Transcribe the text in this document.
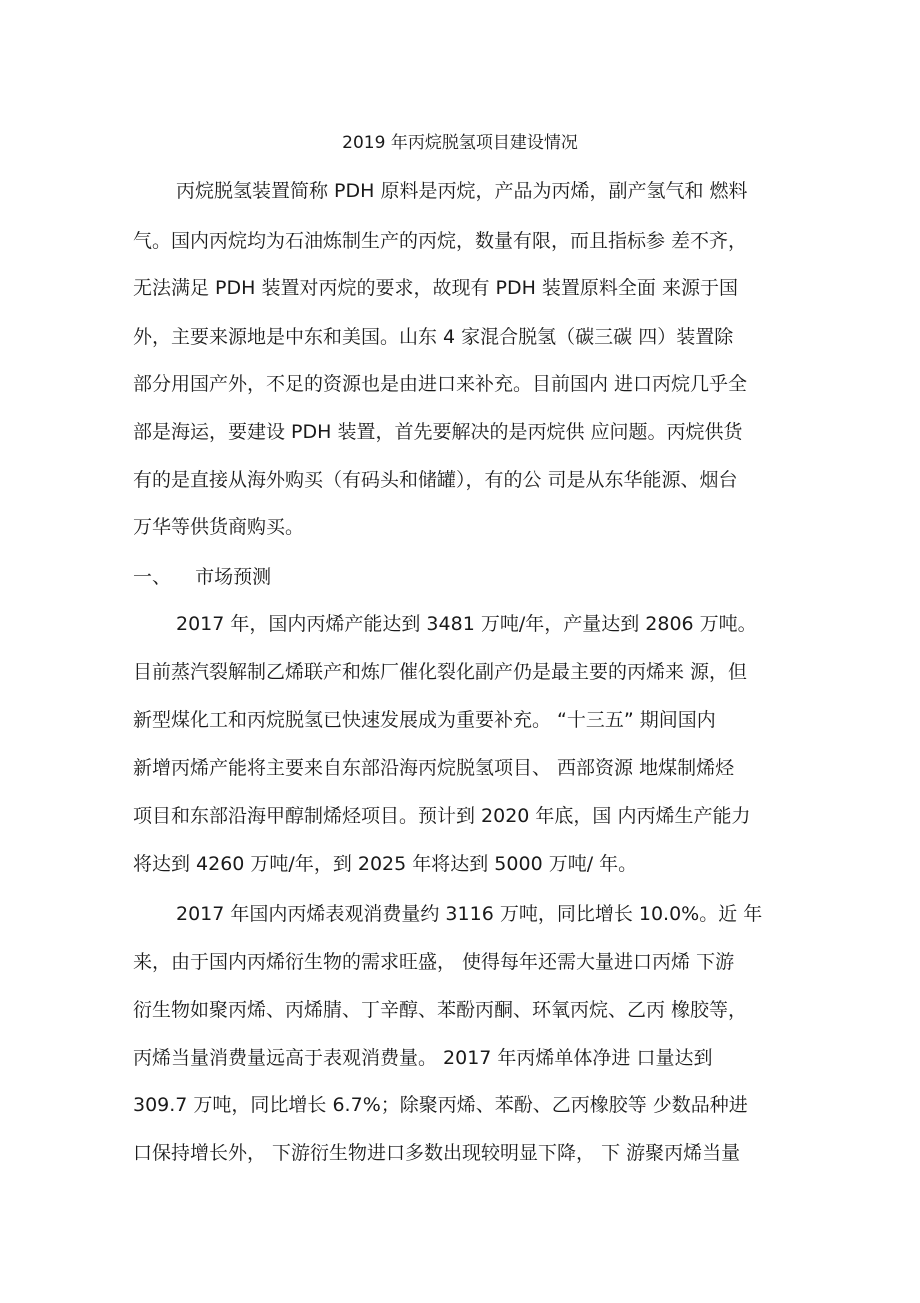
2019 年丙烷脱氢项目建设情况
丙烷脱氢装置简称 PDH 原料是丙烷，产品为丙烯，副产氢气和 燃料
气。国内丙烷均为石油炼制生产的丙烷，数量有限，而且指标参 差不齐，
无法满足 PDH 装置对丙烷的要求，故现有 PDH 装置原料全面 来源于国
外，主要来源地是中东和美国。山东 4 家混合脱氢（碳三碳 四）装置除
部分用国产外，不足的资源也是由进口来补充。目前国内 进口丙烷几乎全
部是海运，要建设 PDH 装置，首先要解决的是丙烷供 应问题。丙烷供货
有的是直接从海外购买（有码头和储罐），有的公 司是从东华能源、烟台
万华等供货商购买。
一、    市场预测
2017 年，国内丙烯产能达到 3481 万吨/年，产量达到 2806 万吨。
目前蒸汽裂解制乙烯联产和炼厂催化裂化副产仍是最主要的丙烯来 源，但
新型煤化工和丙烷脱氢已快速发展成为重要补充。 “十三五” 期间国内
新增丙烯产能将主要来自东部沿海丙烷脱氢项目、 西部资源 地煤制烯烃
项目和东部沿海甲醇制烯烃项目。预计到 2020 年底，国 内丙烯生产能力
将达到 4260 万吨/年，到 2025 年将达到 5000 万吨/ 年。
2017 年国内丙烯表观消费量约 3116 万吨，同比增长 10.0%。近 年
来，由于国内丙烯衍生物的需求旺盛， 使得每年还需大量进口丙烯 下游
衍生物如聚丙烯、丙烯腈、丁辛醇、苯酚丙酮、环氧丙烷、乙丙 橡胶等，
丙烯当量消费量远高于表观消费量。 2017 年丙烯单体净进 口量达到
309.7 万吨，同比增长 6.7%；除聚丙烯、苯酚、乙丙橡胶等 少数品种进
口保持增长外， 下游衍生物进口多数出现较明显下降， 下 游聚丙烯当量
